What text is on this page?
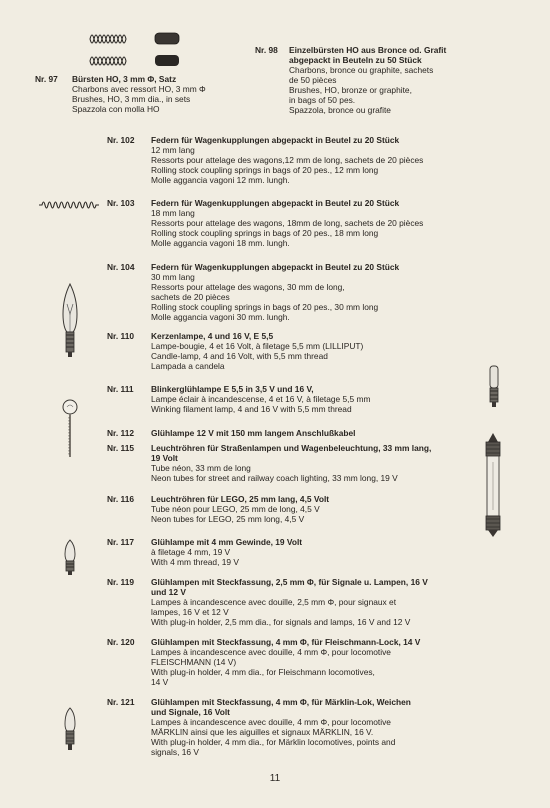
Nr. 97	Bürsten HO, 3 mm Φ, Satz
Charbons avec ressort HO, 3 mm Φ
Brushes, HO, 3 mm dia., in sets
Spazzola con molla HO
Nr. 98	Einzelbürsten HO aus Bronce od. Grafit
abgepackt in Beuteln zu 50 Stück
Charbons, bronce ou graphite, sachets
de 50 pièces
Brushes, HO, bronze or graphite,
in bags of 50 pes.
Spazzola, bronce ou grafite
Nr. 102	Federn für Wagenkupplungen abgepackt in Beutel zu 20 Stück
12 mm lang
Ressorts pour attelage des wagons,12 mm de long, sachets de 20 pièces
Rolling stock coupling springs in bags of 20 pes., 12 mm long
Molle aggancia vagoni 12 mm. lungh.
Nr. 103	Federn für Wagenkupplungen abgepackt in Beutel zu 20 Stück
18 mm lang
Ressorts pour attelage des wagons, 18mm de long, sachets de 20 pièces
Rolling stock coupling springs in bags of 20 pes., 18 mm long
Molle aggancia vagoni 18 mm. lungh.
Nr. 104	Federn für Wagenkupplungen abgepackt in Beutel zu 20 Stück
30 mm lang
Ressorts pour attelage des wagons, 30 mm de long,
sachets de 20 pièces
Rolling stock coupling springs in bags of 20 pes., 30 mm long
Molle aggancia vagoni 30 mm. lungh.
Nr. 110	Kerzenlampe, 4 und 16 V, E 5,5
Lampe-bougie, 4 et 16 Volt, à filetage 5,5 mm (LILLIPUT)
Candle-lamp, 4 and 16 Volt, with 5,5 mm thread
Lampada a candela
Nr. 111	Blinkerglühlampe E 5,5 in 3,5 V und 16 V,
Lampe éclair à incandescense, 4 et 16 V, à filetage 5,5 mm
Winking filament lamp, 4 and 16 V with 5,5 mm thread
Nr. 112	Glühlampe 12 V mit 150 mm langem Anschlußkabel
Nr. 115	Leuchtröhren für Straßenlampen und Wagenbeleuchtung, 33 mm lang,
19 Volt
Tube néon, 33 mm de long
Neon tubes for street and railway coach lighting, 33 mm long, 19 V
Nr. 116	Leuchtröhren für LEGO, 25 mm lang, 4,5 Volt
Tube néon pour LEGO, 25 mm de long, 4,5 V
Neon tubes for LEGO, 25 mm long, 4,5 V
Nr. 117	Glühlampe mit 4 mm Gewinde, 19 Volt
à filetage 4 mm, 19 V
With 4 mm thread, 19 V
Nr. 119	Glühlampen mit Steckfassung, 2,5 mm Φ, für Signale u. Lampen, 16 V
und 12 V
Lampes à incandescence avec douille, 2,5 mm Φ, pour signaux et
lampes, 16 V et 12 V
With plug-in holder, 2,5 mm dia., for signals and lamps, 16 V and 12 V
Nr. 120	Glühlampen mit Steckfassung, 4 mm Φ, für Fleischmann-Lock, 14 V
Lampes à incandescence avec douille, 4 mm Φ, pour locomotive
FLEISCHMANN (14 V)
With plug-in holder, 4 mm dia., for Fleischmann locomotives,
14 V
Nr. 121	Glühlampen mit Steckfassung, 4 mm Φ, für Märklin-Lok, Weichen
und Signale, 16 Volt
Lampes à incandescence avec douille, 4 mm Φ, pour locomotive
MÄRKLIN ainsi que les aiguilles et signaux MÄRKLIN, 16 V.
With plug-in holder, 4 mm dia., for Märklin locomotives, points and
signals, 16 V
11
